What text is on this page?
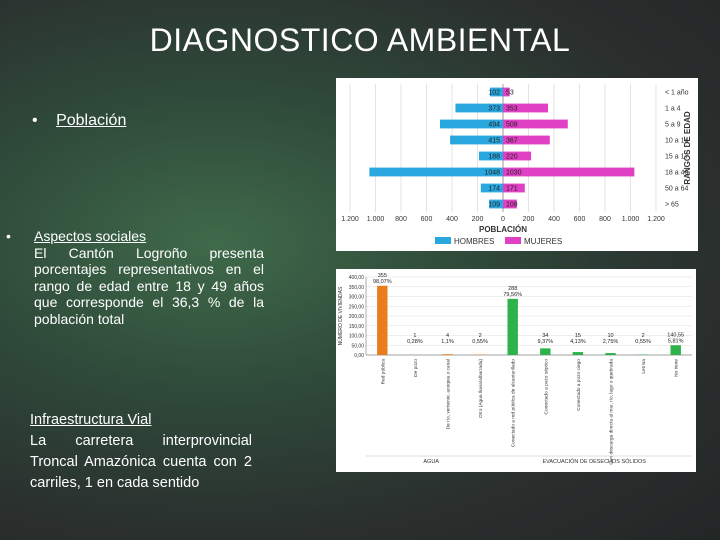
DIAGNOSTICO AMBIENTAL
• Población
• Aspectos sociales
El Cantón Logroño presenta porcentajes representativos en el rango de edad entre 18 y 49 años que corresponde el 36,3 % de la población total
Infraestructura Vial
La carretera interprovincial Troncal Amazónica cuenta con 2 carriles, 1 en cada sentido
1.200 1.000 800 600 400 200	0	200 400 600 800 1.000 1.200
102 53	< 1 año
373 353	1 a 4
494 508	5 a 9
415 367	10 a 14
188 220	15 a 17
1048 1030	18 a 49
174 171	50 a 64
109 108	> 65
RANGOS DE EDAD
POBLACIÓN
HOMBRES	MUJERES
0,00
50,00
100,00
150,00
200,00
250,00
300,00
350,00
400,00
NÚMERO DE VIVIENDAS
355
98,07%
Red pública
1
0,28%
De pozo
4
1,1%
De río, vertiente, acequia o canal
2
0,55%
Otro (Agua lluvia/albarrada)
288
79,56%
Conectado a red pública de alcantarillado
34
9,37%
Conectado a pozo séptico
15
4,13%
Conectado a pozo ciego
10
2,75%
Con descarga directa al mar, río, lago o quebrada
2
0,55%
Letrina
140,55
5,81%
No tiene
AGUA	EVACUACIÓN DE DESECHOS SÓLIDOS
